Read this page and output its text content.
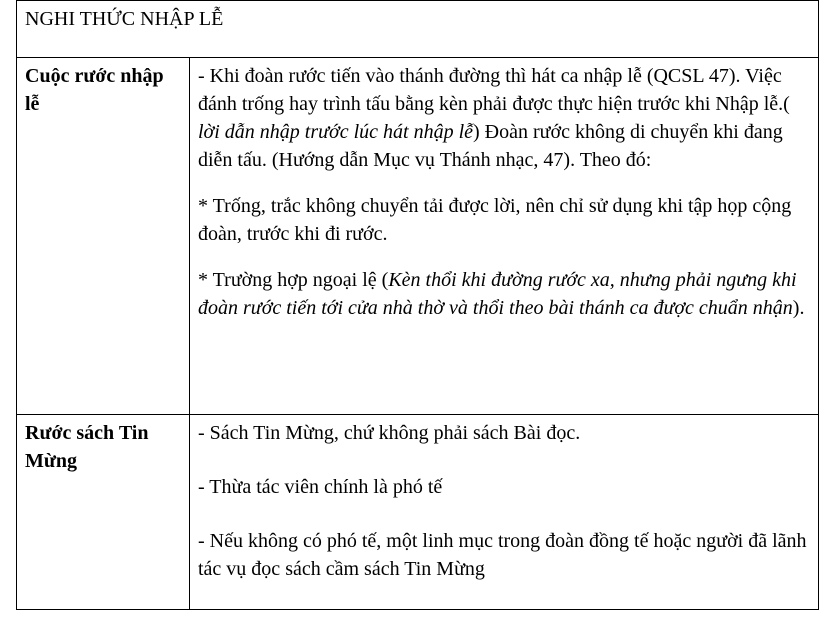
NGHI THỨC NHẬP LỄ	
Cuộc rước nhập lễ	- Khi đoàn rước tiến vào thánh đường thì hát ca nhập lễ (QCSL 47). Việc đánh trống hay trình tấu bằng kèn phải được thực hiện trước khi Nhập lễ.( lời dẫn nhập trước lúc hát nhập lễ) Đoàn rước không di chuyển khi đang diễn tấu. (Hướng dẫn Mục vụ Thánh nhạc, 47). Theo đó:

* Trống, trắc không chuyển tải được lời, nên chỉ sử dụng khi tập họp cộng đoàn, trước khi đi rước.

* Trường hợp ngoại lệ (Kèn thổi khi đường rước xa, nhưng phải ngưng khi đoàn rước tiến tới cửa nhà thờ và thổi theo bài thánh ca được chuẩn nhận).

Rước sách Tin Mừng	- Sách Tin Mừng, chứ không phải sách Bài đọc.

- Thừa tác viên chính là phó tế

- Nếu không có phó tế, một linh mục trong đoàn đồng tế hoặc người đã lãnh tác vụ đọc sách cầm sách Tin Mừng
